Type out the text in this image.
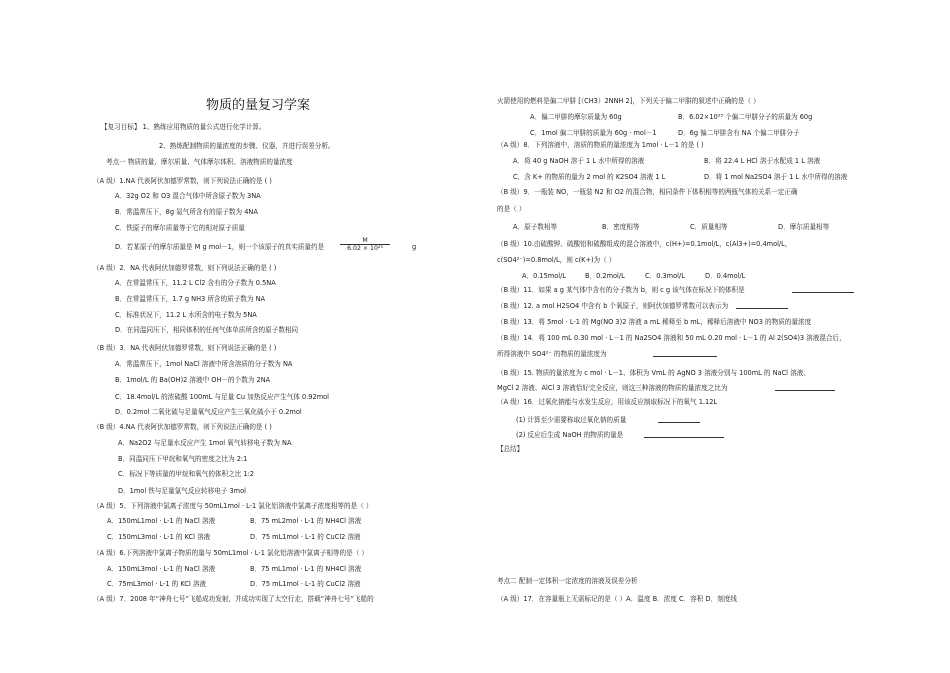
物质的量复习学案
【复习目标】 1、熟练应用物质的量公式进行化学计算。
2、熟练配制物质的量浓度的步骤、仪器，并进行误差分析。
考点一 物质的量、摩尔质量、气体摩尔体积、溶液物质的量浓度
（A 级）1.NA 代表阿伏加德罗常数，则下列说法正确的是 ( )
A．32g O2 和 O3 混合气体中所含原子数为 3NA
B．常温常压下，8g 氦气所含有的原子数为 4NA
C．铁原子的摩尔质量等于它的相对原子质量
D．若某原子的摩尔质量是 M g mol－1，则一个该原子的真实质量约是	$\frac{M}{\text{6.02 × 10²³}}$	g
（A 级）2．NA 代表阿伏加德罗常数，则下列说法正确的是 ( )
A．在常温常压下，11.2 L Cl2 含有的分子数为 0.5NA
B．在常温常压下，1.7 g NH3 所含的质子数为 NA
C．标准状况下，11.2 L 水所含的电子数为 5NA
D．在同温同压下，相同体积的任何气体单质所含的原子数相同
（B 级）3．NA 代表阿伏加德罗常数，则下列说法正确的是 ( )
A．常温常压下，1mol NaCl 溶液中所含溶质的分子数为 NA
B．1mol/L 的 Ba(OH)2 溶液中 OH－的个数为 2NA
C．18.4mol/L 的浓硫酸 100mL 与足量 Cu 加热反应产生气体 0.92mol
D．0.2mol 二氧化硫与足量氧气反应产生三氧化硫小于 0.2mol
（B 级）4.NA 代表阿伏加德罗常数，则下列说法正确的是 ( )
A．Na2O2 与足量水反应产生 1mol 氧气转移电子数为 NA
B．同温同压下甲烷和氧气的密度之比为 2:1
C．标况下等质量的甲烷和氧气的体积之比 1:2
D．1mol 铁与足量氯气反应转移电子 3mol
（A 级）5、下列溶液中氯离子浓度与 50mL1mol · L-1 氯化铝溶液中氯离子浓度相等的是（ ）
A．150mL1mol · L-1 的 NaCl 溶液	B．75 mL2mol · L-1 的 NH4Cl 溶液
C．150mL3mol · L-1 的 KCl 溶液	D．75 mL1mol · L-1 的 CuCl2 溶液
（A 级）6.下列溶液中氯离子物质的量与 50mL1mol · L-1 氯化铝溶液中氯离子相等的是（ ）
A．150mL3mol · L-1 的 NaCl 溶液	B．75 mL1mol · L-1 的 NH4Cl 溶液
C．75mL3mol · L-1 的 KCl 溶液	D．75 mL1mol · L-1 的 CuCl2 溶液
（A 级）7．2008 年“神舟七号”飞船成功发射，并成功实现了太空行走，搭载“神舟七号”飞船的
火箭使用的燃料是偏二甲肼 [（CH3）2NNH 2]，下列关于偏二甲肼的叙述中正确的是（ ）
A．偏二甲肼的摩尔质量为 60g	B．6.02×10²³ 个偏二甲肼分子的质量为 60g
C．1mol 偏二甲肼的质量为 60g · mol－1	D．6g 偏二甲肼含有 NA 个偏二甲肼分子
（A 级）8．下列溶液中，溶质的物质的量浓度为 1mol · L－1 的是 ( )
A．将 40 g NaOH 溶于 1 L 水中所得的溶液	B．将 22.4 L HCl 溶于水配成 1 L 溶液
C．含 K+ 的物质的量为 2 mol 的 K2SO4 溶液 1 L	D．将 1 mol Na2SO4 溶于 1 L 水中所得的溶液
（B 级）9．一瓶装 NO，一瓶装 N2 和 O2 的混合物，相同条件下体积相等的两瓶气体的关系一定正确
的是（ ）
A．原子数相等	B．密度相等	C．质量相等	D．摩尔质量相等
（B 级）10.由硫酸钾、硫酸铝和硫酸组成的混合溶液中，c(H+)=0.1mol/L，c(Al3+)=0.4mol/L，
c(SO4²⁻)=0.8mol/L，则 c(K+)为（ ）
A．0.15mol/L	B．0.2mol/L	C．0.3mol/L	D．0.4mol/L
（B 级）11．如果 a g 某气体中含有的分子数为 b，则 c g 该气体在标况下的体积是
（B 级）12. a mol H2SO4 中含有 b 个氧原子，则阿伏加德罗常数可以表示为
（B 级）13．将 5mol · L-1 的 Mg(NO 3)2 溶液 a mL 稀释至 b mL，稀释后溶液中 NO3 的物质的量浓度
（B 级）14．将 100 mL 0.30 mol · L－1 的 Na2SO4 溶液和 50 mL 0.20 mol · L－1 的 Al 2(SO4)3 溶液混合后，
所得溶液中 SO4²⁻ 的物质的量浓度为
（B 级）15. 物质的量浓度为 c mol · L－1、体积为 VmL 的 AgNO 3 溶液分别与 100mL 的 NaCl 溶液、
MgCl 2 溶液、AlCl 3 溶液恰好完全反应，则这三种溶液的物质的量浓度之比为
（A 级）16．过氧化钠能与水发生反应，用该反应制取标况下的氧气 1.12L
(1) 计算至少需要称取过氧化钠的质量
(2) 反应后生成 NaOH 的物质的量是
【总结】
考点二 配制一定体积一定浓度的溶液及误差分析
（A 级）17．在容量瓶上无需标记的是（ ）A．温度 B．浓度 C．容积 D．刻度线
